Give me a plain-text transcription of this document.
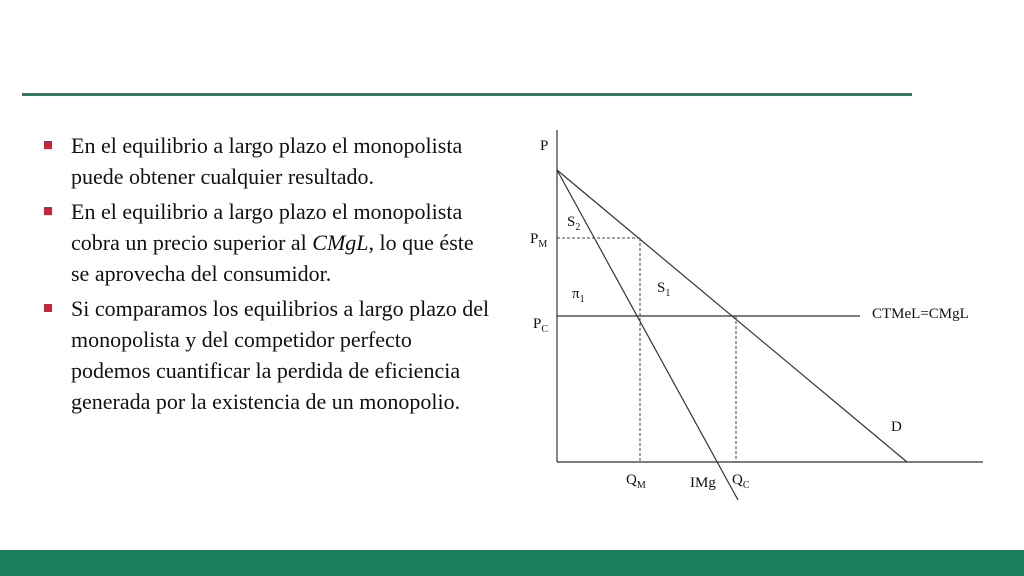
En el equilibrio a largo plazo el monopolista puede obtener cualquier resultado.
En el equilibrio a largo plazo el monopolista cobra un precio superior al CMgL, lo que éste se aprovecha del consumidor.
Si comparamos los equilibrios a largo plazo del monopolista y del competidor perfecto podemos cuantificar la perdida de eficiencia generada por la existencia de un monopolio.
P
$P_M$
$P_C$
$S_2$
$S_1$
$\pi_1$
$Q_M$	$Q_C$
IMg
D
CTMeL=CMgL
